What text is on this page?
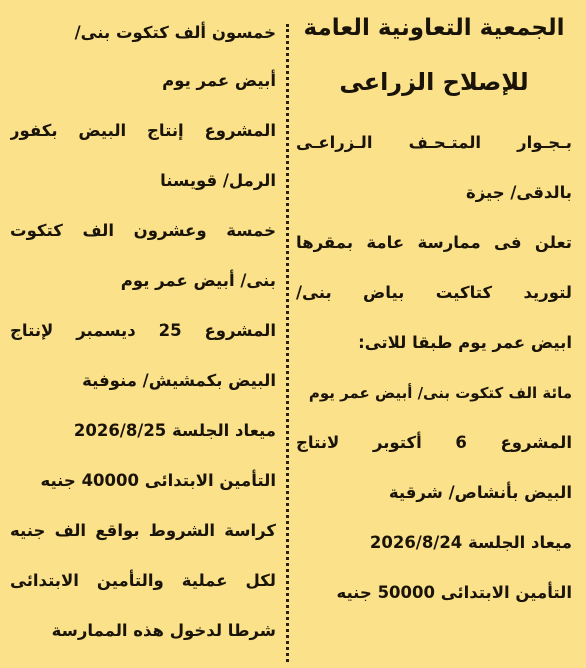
الجمعية التعاونية العامة
للإصلاح الزراعى
بـجـوار المتـحـف الـزراعـى
بالدقى/ جيزة
تعلن فى ممارسة عامة بمقرها
لتوريد كتاكيت بياض بنى/
ابيض عمر يوم طبقا للاتى:
مائة الف كتكوت بنى/ أبيض عمر يوم
المشروع 6 أكتوبر لانتاج
البيض بأنشاص/ شرقية
ميعاد الجلسة 2026/8/24
التأمين الابتدائى 50000 جنيه
خمسون ألف كتكوت بنى/
أبيض عمر يوم
المشروع إنتاج البيض بكفور
الرمل/ قويسنا
خمسة وعشرون الف كتكوت
بنى/ أبيض عمر يوم
المشروع 25 ديسمبر لإنتاج
البيض بكمشيش/ منوفية
ميعاد الجلسة 2026/8/25
التأمين الابتدائى 40000 جنيه
كراسة الشروط بواقع الف جنيه
لكل عملية والتأمين الابتدائى
شرطا لدخول هذه الممارسة
